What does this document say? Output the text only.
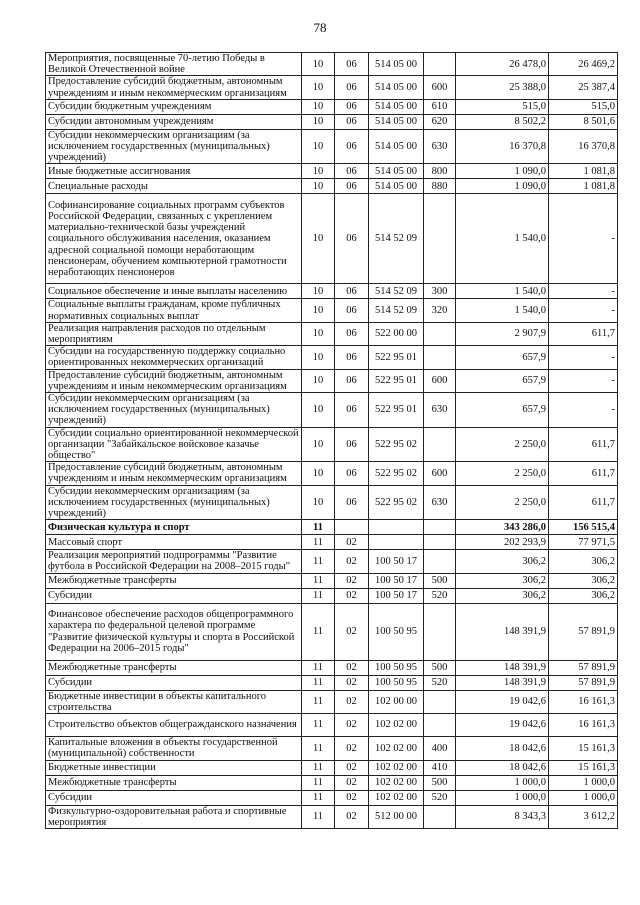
78
Мероприятия, посвященные 70-летию Победы в Великой Отечественной войне	10	06	514 05 00		26 478,0	26 469,2
Предоставление субсидий бюджетным, автономным учреждениям и иным некоммерческим организациям	10	06	514 05 00	600	25 388,0	25 387,4
Субсидии бюджетным учреждениям	10	06	514 05 00	610	515,0	515,0
Субсидии автономным учреждениям	10	06	514 05 00	620	8 502,2	8 501,6
Субсидии некоммерческим организациям (за исключением государственных (муниципальных) учреждений)	10	06	514 05 00	630	16 370,8	16 370,8
Иные бюджетные ассигнования	10	06	514 05 00	800	1 090,0	1 081,8
Специальные расходы	10	06	514 05 00	880	1 090,0	1 081,8
Софинансирование социальных программ субъектов Российской Федерации, связанных с укреплением материально-технической базы учреждений социального обслуживания населения, оказанием адресной социальной помощи неработающим пенсионерам, обучением компьютерной грамотности неработающих пенсионеров	10	06	514 52 09		1 540,0	-
Социальное обеспечение и иные выплаты населению	10	06	514 52 09	300	1 540,0	-
Социальные выплаты гражданам, кроме публичных нормативных социальных выплат	10	06	514 52 09	320	1 540,0	-
Реализация направления расходов по отдельным мероприятиям	10	06	522 00 00		2 907,9	611,7
Субсидии на государственную поддержку социально ориентированных некоммерческих организаций	10	06	522 95 01		657,9	-
Предоставление субсидий бюджетным, автономным учреждениям и иным некоммерческим организациям	10	06	522 95 01	600	657,9	-
Субсидии некоммерческим организациям (за исключением государственных (муниципальных) учреждений)	10	06	522 95 01	630	657,9	-
Субсидии социально ориентированной некоммерческой организации "Забайкальское войсковое казачье общество"	10	06	522 95 02		2 250,0	611,7
Предоставление субсидий бюджетным, автономным учреждениям и иным некоммерческим организациям	10	06	522 95 02	600	2 250,0	611,7
Субсидии некоммерческим организациям (за исключением государственных (муниципальных) учреждений)	10	06	522 95 02	630	2 250,0	611,7
Физическая культура и спорт	11				343 286,0	156 515,4
Массовый спорт	11	02			202 293,9	77 971,5
Реализация мероприятий подпрограммы "Развитие футбола в Российской Федерации на 2008–2015 годы"	11	02	100 50 17		306,2	306,2
Межбюджетные трансферты	11	02	100 50 17	500	306,2	306,2
Субсидии	11	02	100 50 17	520	306,2	306,2
Финансовое обеспечение расходов общепрограммного характера по федеральной целевой программе "Развитие физической культуры и спорта в Российской Федерации на 2006–2015 годы"	11	02	100 50 95		148 391,9	57 891,9
Межбюджетные трансферты	11	02	100 50 95	500	148 391,9	57 891,9
Субсидии	11	02	100 50 95	520	148 391,9	57 891,9
Бюджетные инвестиции в объекты капитального строительства	11	02	102 00 00		19 042,6	16 161,3
Строительство объектов общегражданского назначения	11	02	102 02 00		19 042,6	16 161,3
Капитальные вложения в объекты государственной (муниципальной) собственности	11	02	102 02 00	400	18 042,6	15 161,3
Бюджетные инвестиции	11	02	102 02 00	410	18 042,6	15 161,3
Межбюджетные трансферты	11	02	102 02 00	500	1 000,0	1 000,0
Субсидии	11	02	102 02 00	520	1 000,0	1 000,0
Физкультурно-оздоровительная работа и спортивные мероприятия	11	02	512 00 00		8 343,3	3 612,2
